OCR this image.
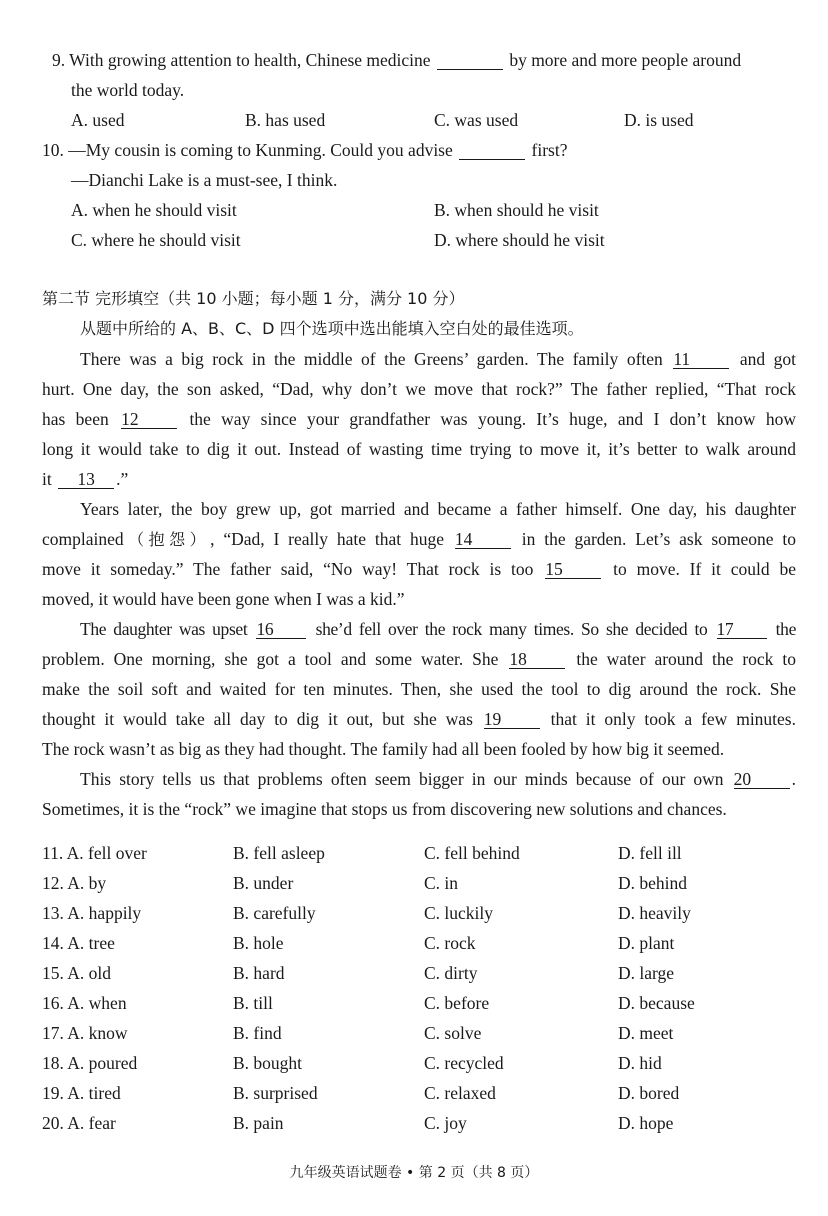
9. With growing attention to health, Chinese medicine	by more and more people around
the world today.
A. used	B. has used	C. was used	D. is used
10. —My cousin is coming to Kunming. Could you advise	first?
—Dianchi Lake is a must-see, I think.
A. when he should visit	B. when should he visit
C. where he should visit	D. where should he visit
第二节 完形填空（共 10 小题；每小题 1 分，满分 10 分）
从题中所给的 A、B、C、D 四个选项中选出能填入空白处的最佳选项。
There was a big rock in the middle of the Greens’ garden. The family often 11	and got
hurt. One day, the son asked, “Dad, why don’t we move that rock?” The father replied, “That rock
has been 12	the way since your grandfather was young. It’s huge, and I don’t know how
long it would take to dig it out. Instead of wasting time trying to move it, it’s better to walk around
it 13 .”
Years later, the boy grew up, got married and became a father himself. One day, his daughter
complained（抱怨）, “Dad, I really hate that huge 14	in the garden. Let’s ask someone to
move it someday.” The father said, “No way! That rock is too 15	to move. If it could be
moved, it would have been gone when I was a kid.”
The daughter was upset 16 she’d fell over the rock many times. So she decided to 17 the
problem. One morning, she got a tool and some water. She 18	the water around the rock to
make the soil soft and waited for ten minutes. Then, she used the tool to dig around the rock. She
thought it would take all day to dig it out, but she was 19	that it only took a few minutes.
The rock wasn’t as big as they had thought. The family had all been fooled by how big it seemed.
This story tells us that problems often seem bigger in our minds because of our own 20 .
Sometimes, it is the “rock” we imagine that stops us from discovering new solutions and chances.
11. A. fell over	B. fell asleep	C. fell behind	D. fell ill
12. A. by	B. under	C. in	D. behind
13. A. happily	B. carefully	C. luckily	D. heavily
14. A. tree	B. hole	C. rock	D. plant
15. A. old	B. hard	C. dirty	D. large
16. A. when	B. till	C. before	D. because
17. A. know	B. find	C. solve	D. meet
18. A. poured	B. bought	C. recycled	D. hid
19. A. tired	B. surprised	C. relaxed	D. bored
20. A. fear	B. pain	C. joy	D. hope
九年级英语试题卷 • 第 2 页（共 8 页）
